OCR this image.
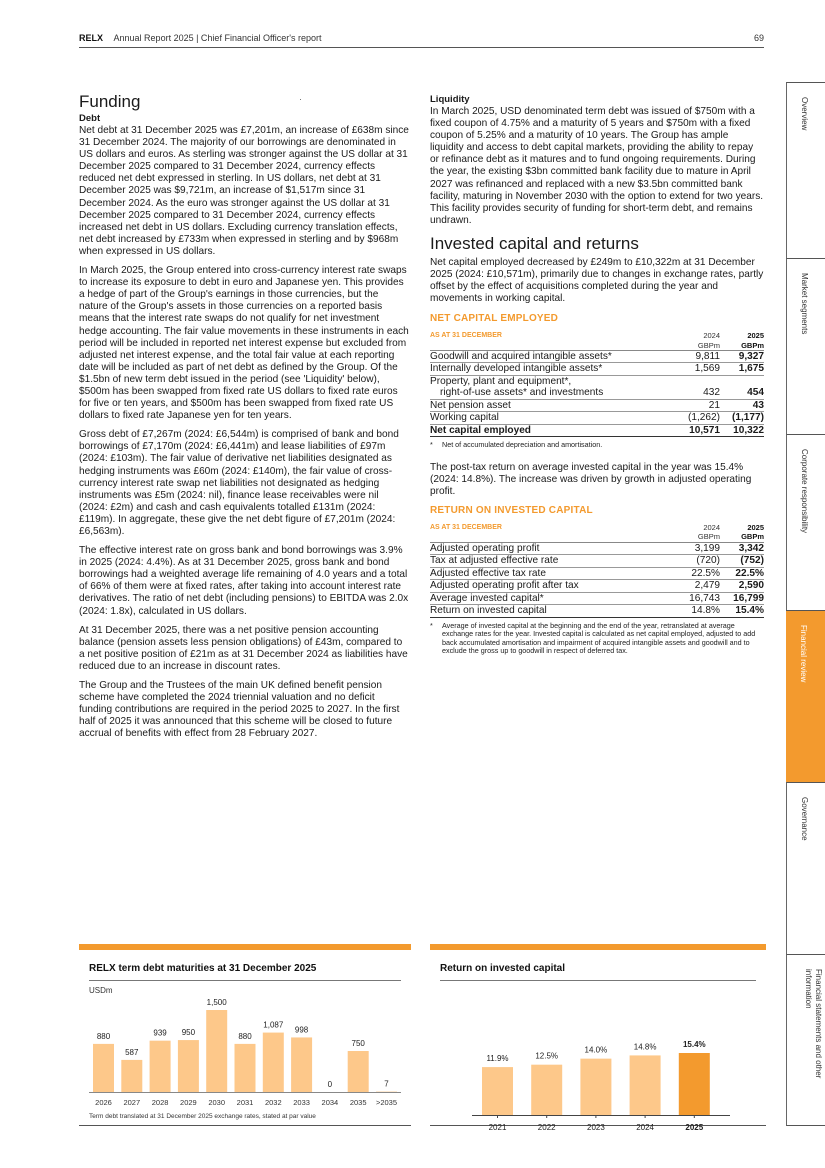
RELX Annual Report 2025 | Chief Financial Officer's report	69
Funding
Debt

Net debt at 31 December 2025 was £7,201m, an increase of £638m since 31 December 2024. The majority of our borrowings are denominated in US dollars and euros. As sterling was stronger against the US dollar at 31 December 2025 compared to 31 December 2024, currency effects reduced net debt expressed in sterling. In US dollars, net debt at 31 December 2025 was $9,721m, an increase of $1,517m since 31 December 2024. As the euro was stronger against the US dollar at 31 December 2025 compared to 31 December 2024, currency effects increased net debt in US dollars. Excluding currency translation effects, net debt increased by £733m when expressed in sterling and by $968m when expressed in US dollars.

In March 2025, the Group entered into cross-currency interest rate swaps to increase its exposure to debt in euro and Japanese yen. This provides a hedge of part of the Group's earnings in those currencies, but the nature of the Group's assets in those currencies on a reported basis means that the interest rate swaps do not qualify for net investment hedge accounting. The fair value movements in these instruments in each period will be included in reported net interest expense but excluded from adjusted net interest expense, and the total fair value at each reporting date will be included as part of net debt as defined by the Group. Of the $1.5bn of new term debt issued in the period (see 'Liquidity' below), $500m has been swapped from fixed rate US dollars to fixed rate euros for five or ten years, and $500m has been swapped from fixed rate US dollars to fixed rate Japanese yen for ten years.

Gross debt of £7,267m (2024: £6,544m) is comprised of bank and bond borrowings of £7,170m (2024: £6,441m) and lease liabilities of £97m (2024: £103m). The fair value of derivative net liabilities designated as hedging instruments was £60m (2024: £140m), the fair value of cross-currency interest rate swap net liabilities not designated as hedging instruments was £5m (2024: nil), finance lease receivables were nil (2024: £2m) and cash and cash equivalents totalled £131m (2024: £119m). In aggregate, these give the net debt figure of £7,201m (2024: £6,563m).

The effective interest rate on gross bank and bond borrowings was 3.9% in 2025 (2024: 4.4%). As at 31 December 2025, gross bank and bond borrowings had a weighted average life remaining of 4.0 years and a total of 66% of them were at fixed rates, after taking into account interest rate derivatives. The ratio of net debt (including pensions) to EBITDA was 2.0x (2024: 1.8x), calculated in US dollars.

At 31 December 2025, there was a net positive pension accounting balance (pension assets less pension obligations) of £43m, compared to a net positive position of £21m as at 31 December 2024 as liabilities have reduced due to an increase in discount rates.

The Group and the Trustees of the main UK defined benefit pension scheme have completed the 2024 triennial valuation and no deficit funding contributions are required in the period 2025 to 2027. In the first half of 2025 it was announced that this scheme will be closed to future accrual of benefits with effect from 28 February 2027.

Liquidity

In March 2025, USD denominated term debt was issued of $750m with a fixed coupon of 4.75% and a maturity of 5 years and $750m with a fixed coupon of 5.25% and a maturity of 10 years. The Group has ample liquidity and access to debt capital markets, providing the ability to repay or refinance debt as it matures and to fund ongoing requirements. During the year, the existing $3bn committed bank facility due to mature in April 2027 was refinanced and replaced with a new $3.5bn committed bank facility, maturing in November 2030 with the option to extend for two years. This facility provides security of funding for short-term debt, and remains undrawn.

Invested capital and returns

Net capital employed decreased by £249m to £10,322m at 31 December 2025 (2024: £10,571m), primarily due to changes in exchange rates, partly offset by the effect of acquisitions completed during the year and movements in working capital.

NET CAPITAL EMPLOYED
AS AT 31 DECEMBER	2024	2025
	GBPm	GBPm
Goodwill and acquired intangible assets*	9,811	9,327
Internally developed intangible assets*	1,569	1,675
Property, plant and equipment*,		
right-of-use assets* and investments	432	454
Net pension asset	21	43
Working capital	(1,262)	(1,177)
Net capital employed	10,571	10,322
*	Net of accumulated depreciation and amortisation.

The post-tax return on average invested capital in the year was 15.4% (2024: 14.8%). The increase was driven by growth in adjusted operating profit.

RETURN ON INVESTED CAPITAL
AS AT 31 DECEMBER	2024	2025
	GBPm	GBPm
Adjusted operating profit	3,199	3,342
Tax at adjusted effective rate	(720)	(752)
Adjusted effective tax rate	22.5%	22.5%
Adjusted operating profit after tax	2,479	2,590
Average invested capital*	16,743	16,799
Return on invested capital	14.8%	15.4%
*	Average of invested capital at the beginning and the end of the year, retranslated at average exchange rates for the year. Invested capital is calculated as net capital employed, adjusted to add back accumulated amortisation and impairment of acquired intangible assets and goodwill and to exclude the gross up to goodwill in respect of deferred tax.
Overview
Market segments
Corporate responsibility
Financial review
Governance
Financial statements and other information
RELX term debt maturities at 31 December 2025
USDm
880
2026
587
2027
939
2028
950
2029
1,500
2030
880
2031
1,087
2032
998
2033
0
2034
750
2035
7
>2035
Term debt translated at 31 December 2025 exchange rates, stated at par value
Return on invested capital
11.9%
2021
12.5%
2022
14.0%
2023
14.8%
2024
15.4%
2025
